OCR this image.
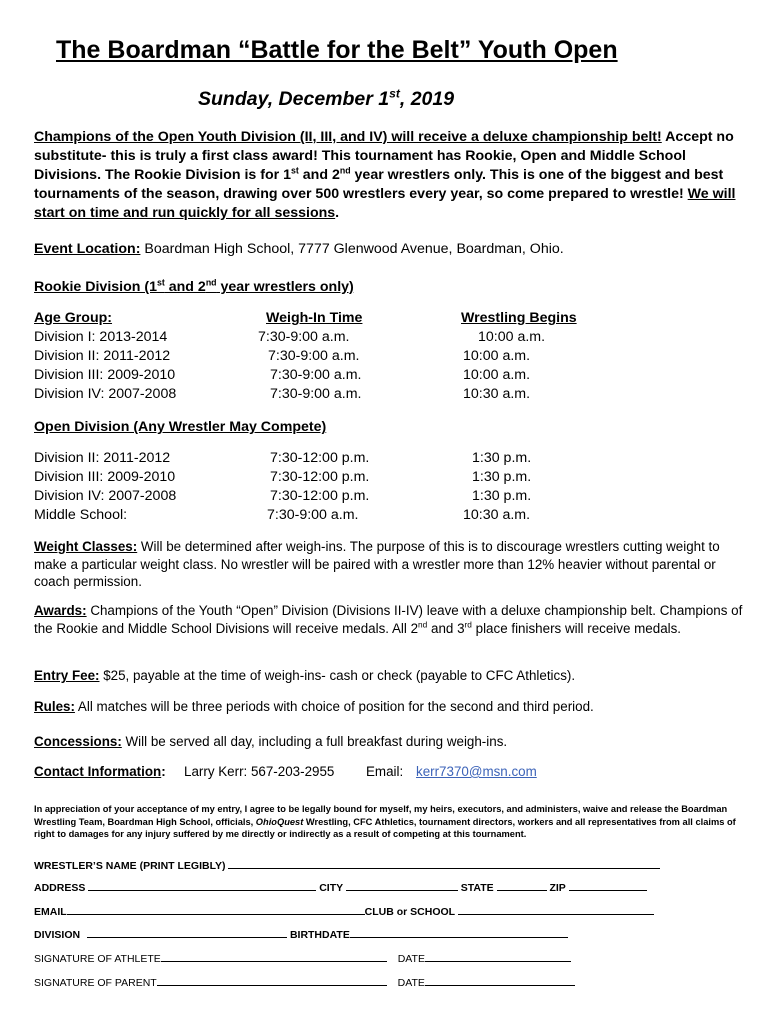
The Boardman “Battle for the Belt” Youth Open
Sunday, December 1st, 2019
Champions of the Open Youth Division (II, III, and IV) will receive a deluxe championship belt! Accept no substitute- this is truly a first class award! This tournament has Rookie, Open and Middle School Divisions. The Rookie Division is for 1st and 2nd year wrestlers only. This is one of the biggest and best tournaments of the season, drawing over 500 wrestlers every year, so come prepared to wrestle! We will start on time and run quickly for all sessions.
Event Location: Boardman High School, 7777 Glenwood Avenue, Boardman, Ohio.
Rookie Division (1st and 2nd year wrestlers only)
Age Group:	Weigh-In Time	Wrestling Begins
Division I: 2013-2014	7:30-9:00 a.m.	10:00 a.m.
Division II: 2011-2012	7:30-9:00 a.m.	10:00 a.m.
Division III: 2009-2010	7:30-9:00 a.m.	10:00 a.m.
Division IV: 2007-2008	7:30-9:00 a.m.	10:30 a.m.
Open Division (Any Wrestler May Compete)
Division II: 2011-2012	7:30-12:00 p.m.	1:30 p.m.
Division III: 2009-2010	7:30-12:00 p.m.	1:30 p.m.
Division IV: 2007-2008	7:30-12:00 p.m.	1:30 p.m.
Middle School:	7:30-9:00 a.m.	10:30 a.m.
Weight Classes: Will be determined after weigh-ins. The purpose of this is to discourage wrestlers cutting weight to make a particular weight class. No wrestler will be paired with a wrestler more than 12% heavier without parental or coach permission.
Awards: Champions of the Youth “Open” Division (Divisions II-IV) leave with a deluxe championship belt. Champions of the Rookie and Middle School Divisions will receive medals. All 2nd and 3rd place finishers will receive medals.
Entry Fee: $25, payable at the time of weigh-ins- cash or check (payable to CFC Athletics).
Rules: All matches will be three periods with choice of position for the second and third period.
Concessions: Will be served all day, including a full breakfast during weigh-ins.
Contact Information: Larry Kerr: 567-203-2955 Email: kerr7370@msn.com
In appreciation of your acceptance of my entry, I agree to be legally bound for myself, my heirs, executors, and administers, waive and release the Boardman Wrestling Team, Boardman High School, officials, OhioQuest Wrestling, CFC Athletics, tournament directors, workers and all representatives from all claims of right to damages for any injury suffered by me directly or indirectly as a result of competing at this tournament.
WRESTLER’S NAME (PRINT LEGIBLY)
ADDRESS	CITY	STATE	ZIP
EMAIL	CLUB or SCHOOL
DIVISION	BIRTHDATE
SIGNATURE OF ATHLETE	DATE
SIGNATURE OF PARENT	DATE
